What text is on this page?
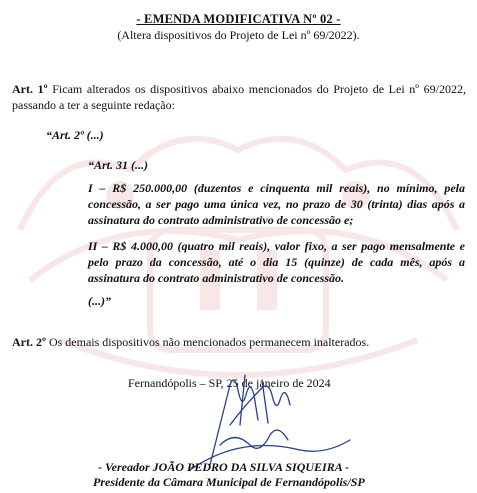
- EMENDA MODIFICATIVA Nº 02 -
(Altera dispositivos do Projeto de Lei nº 69/2022).
Art. 1º Ficam alterados os dispositivos abaixo mencionados do Projeto de Lei nº 69/2022,
passando a ter a seguinte redação:
“Art. 2º (...)
“Art. 31 (...)
I – R$ 250.000,00 (duzentos e cinquenta mil reais), no mínimo, pela
concessão, a ser pago uma única vez, no prazo de 30 (trinta) dias após a
assinatura do contrato administrativo de concessão e;
II – R$ 4.000,00 (quatro mil reais), valor fixo, a ser pago mensalmente e
pelo prazo da concessão, até o dia 15 (quinze) de cada mês, após a
assinatura do contrato administrativo de concessão.
(...)”
Art. 2º Os demais dispositivos não mencionados permanecem inalterados.
Fernandópolis – SP, 25 de janeiro de 2024
- Vereador JOÃO PEDRO DA SILVA SIQUEIRA -
Presidente da Câmara Municipal de Fernandópolis/SP
